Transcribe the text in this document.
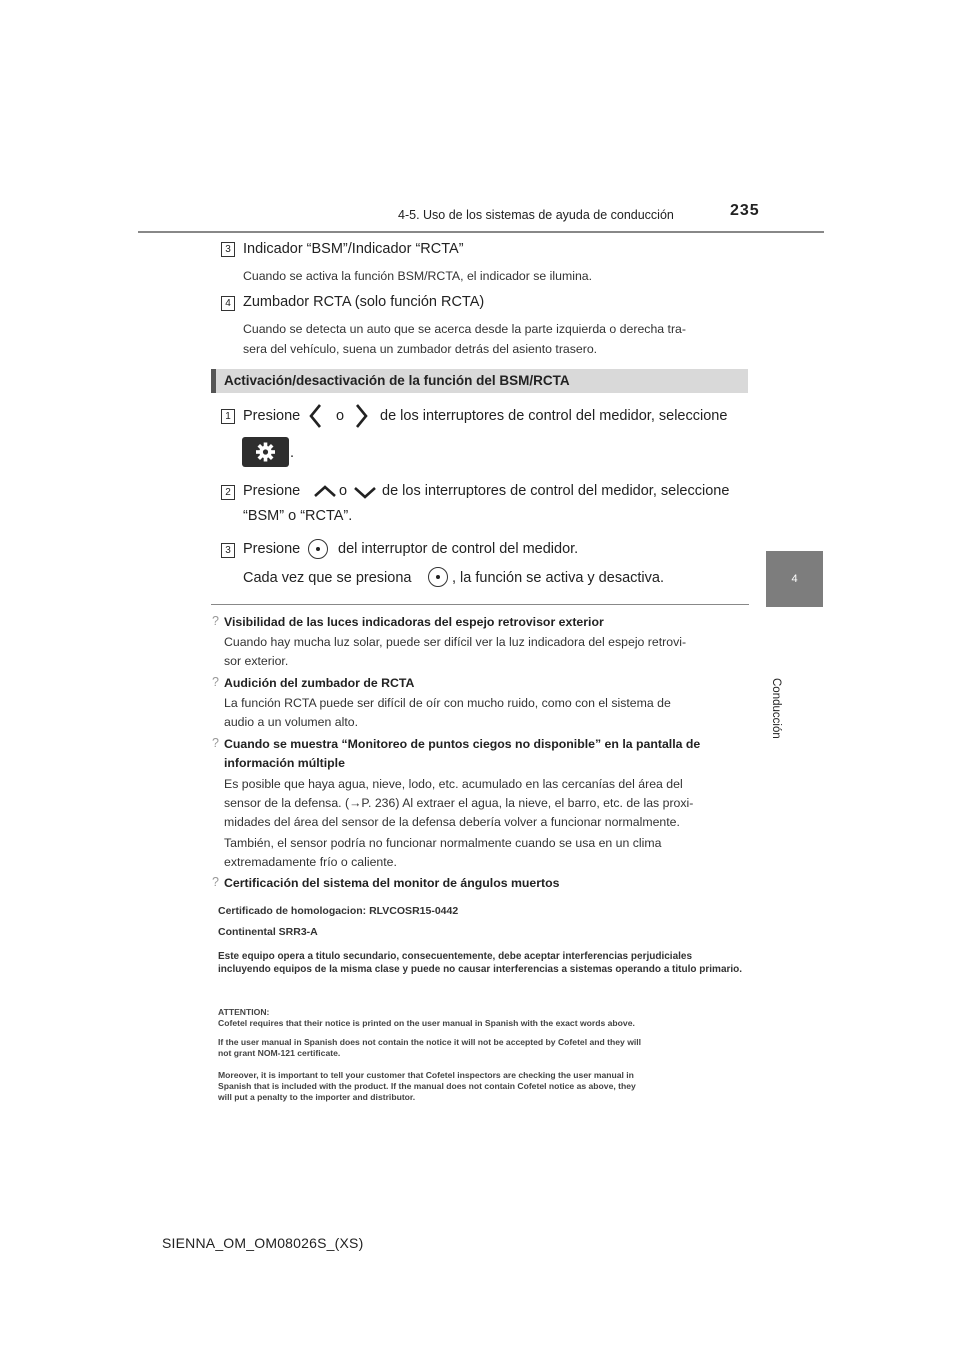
4-5. Uso de los sistemas de ayuda de conducción	235
4
Conducción
3 Indicador “BSM”/Indicador “RCTA”
Cuando se activa la función BSM/RCTA, el indicador se ilumina.
4 Zumbador RCTA (solo función RCTA)
Cuando se detecta un auto que se acerca desde la parte izquierda o derecha tra-
sera del vehículo, suena un zumbador detrás del asiento trasero.
Activación/desactivación de la función del BSM/RCTA
1 Presione o de los interruptores de control del medidor, seleccione
.
2 Presione	o de los interruptores de control del medidor, seleccione
“BSM” o “RCTA”.
3 Presione	del interruptor de control del medidor.
Cada vez que se presiona	, la función se activa y desactiva.
? Visibilidad de las luces indicadoras del espejo retrovisor exterior
Cuando hay mucha luz solar, puede ser difícil ver la luz indicadora del espejo retrovi-
sor exterior.
? Audición del zumbador de RCTA
La función RCTA puede ser difícil de oír con mucho ruido, como con el sistema de
audio a un volumen alto.
? Cuando se muestra “Monitoreo de puntos ciegos no disponible” en la pantalla de
información múltiple
Es posible que haya agua, nieve, lodo, etc. acumulado en las cercanías del área del
sensor de la defensa. (→P. 236) Al extraer el agua, la nieve, el barro, etc. de las proxi-
midades del área del sensor de la defensa debería volver a funcionar normalmente.
También, el sensor podría no funcionar normalmente cuando se usa en un clima
extremadamente frío o caliente.
? Certificación del sistema del monitor de ángulos muertos
Certificado de homologacion: RLVCOSR15-0442
Continental SRR3-A
Este equipo opera a titulo secundario, consecuentemente, debe aceptar interferencias perjudiciales
incluyendo equipos de la misma clase y puede no causar interferencias a sistemas operando a titulo primario.
ATTENTION:
Cofetel requires that their notice is printed on the user manual in Spanish with the exact words above.
If the user manual in Spanish does not contain the notice it will not be accepted by Cofetel and they will
not grant NOM-121 certificate.
Moreover, it is important to tell your customer that Cofetel inspectors are checking the user manual in
Spanish that is included with the product. If the manual does not contain Cofetel notice as above, they
will put a penalty to the importer and distributor.
SIENNA_OM_OM08026S_(XS)
